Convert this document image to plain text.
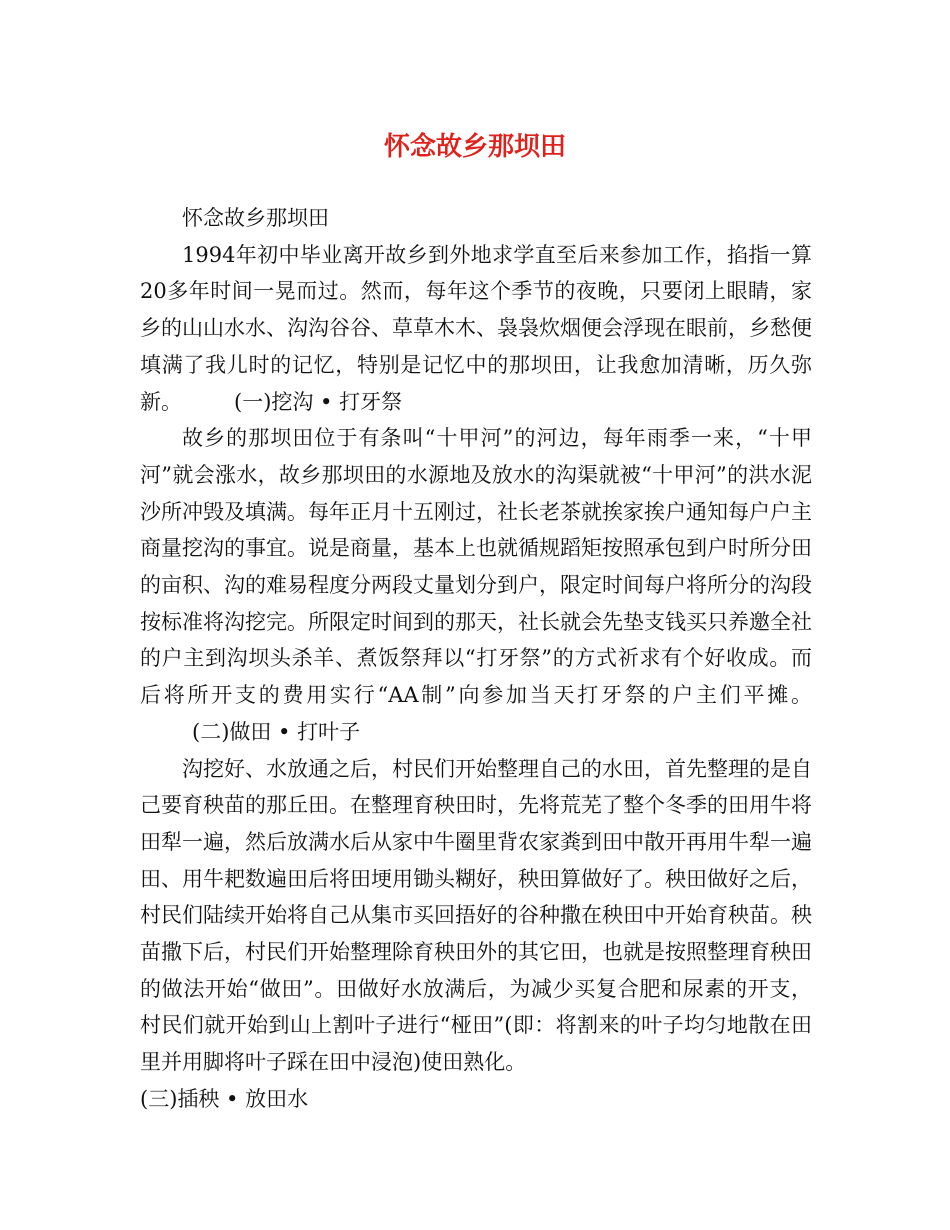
怀念故乡那坝田

怀念故乡那坝田

1994年初中毕业离开故乡到外地求学直至后来参加工作，掐指一算20多年时间一晃而过。然而，每年这个季节的夜晚，只要闭上眼睛，家乡的山山水水、沟沟谷谷、草草木木、袅袅炊烟便会浮现在眼前，乡愁便填满了我儿时的记忆，特别是记忆中的那坝田，让我愈加清晰，历久弥新。 (一)挖沟 • 打牙祭

故乡的那坝田位于有条叫“十甲河”的河边，每年雨季一来，“十甲河”就会涨水，故乡那坝田的水源地及放水的沟渠就被“十甲河”的洪水泥沙所冲毁及填满。每年正月十五刚过，社长老茶就挨家挨户通知每户户主商量挖沟的事宜。说是商量，基本上也就循规蹈矩按照承包到户时所分田的亩积、沟的难易程度分两段丈量划分到户，限定时间每户将所分的沟段按标准将沟挖完。所限定时间到的那天，社长就会先垫支钱买只养邀全社的户主到沟坝头杀羊、煮饭祭拜以“打牙祭”的方式祈求有个好收成。而后将所开支的费用实行“AA制”向参加当天打牙祭的户主们平摊。(二)做田 • 打叶子

沟挖好、水放通之后，村民们开始整理自己的水田，首先整理的是自己要育秧苗的那丘田。在整理育秧田时，先将荒芜了整个冬季的田用牛将田犁一遍，然后放满水后从家中牛圈里背农家粪到田中散开再用牛犁一遍田、用牛耙数遍田后将田埂用锄头糊好，秧田算做好了。秧田做好之后，村民们陆续开始将自己从集市买回捂好的谷种撒在秧田中开始育秧苗。秧苗撒下后，村民们开始整理除育秧田外的其它田，也就是按照整理育秧田的做法开始“做田”。田做好水放满后，为减少买复合肥和尿素的开支，村民们就开始到山上割叶子进行“桠田”(即：将割来的叶子均匀地散在田里并用脚将叶子踩在田中浸泡)使田熟化。

(三)插秧 • 放田水
